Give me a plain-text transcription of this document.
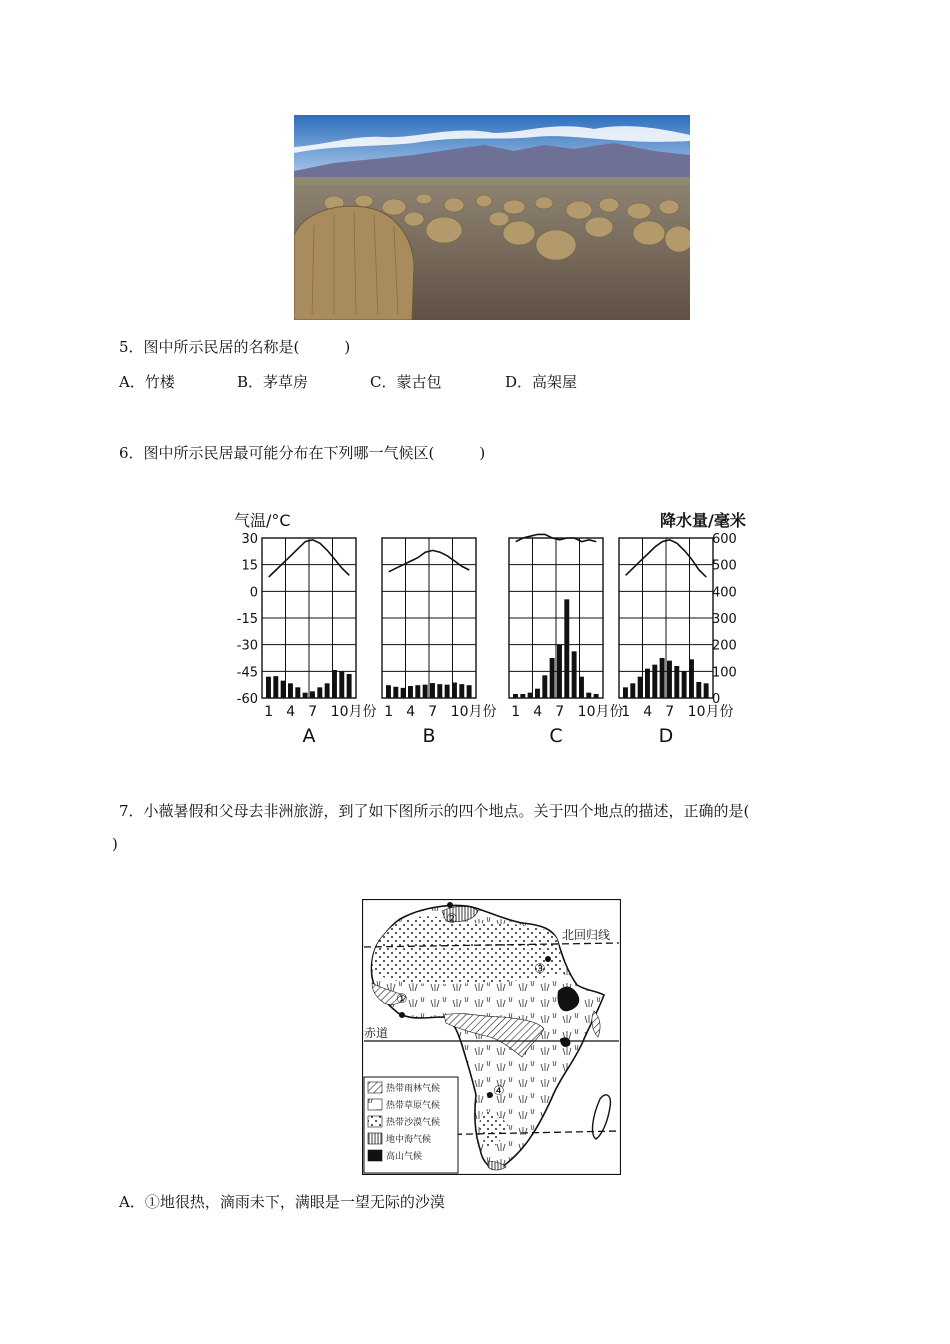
5．图中所示民居的名称是(　　　)
A．竹楼	B．茅草房	C．蒙古包	D．高架屋
6．图中所示民居最可能分布在下列哪一气候区(　　　)
气温/°C	降水量/毫米
30
15
0
-15
-30
-45
-60
600
500
400
300
200
100
0
1 4 7 10月份
A
1 4 7 10月份
B
1 4 7 10月份
C
1 4 7 10月份
D
7．小薇暑假和父母去非洲旅游，到了如下图所示的四个地点。关于四个地点的描述，正确的是(
)
北回归线
赤道
①
②
③
④
热带雨林气候
热带草原气候
热带沙漠气候
地中海气候
高山气候
A．①地很热，滴雨未下，满眼是一望无际的沙漠
